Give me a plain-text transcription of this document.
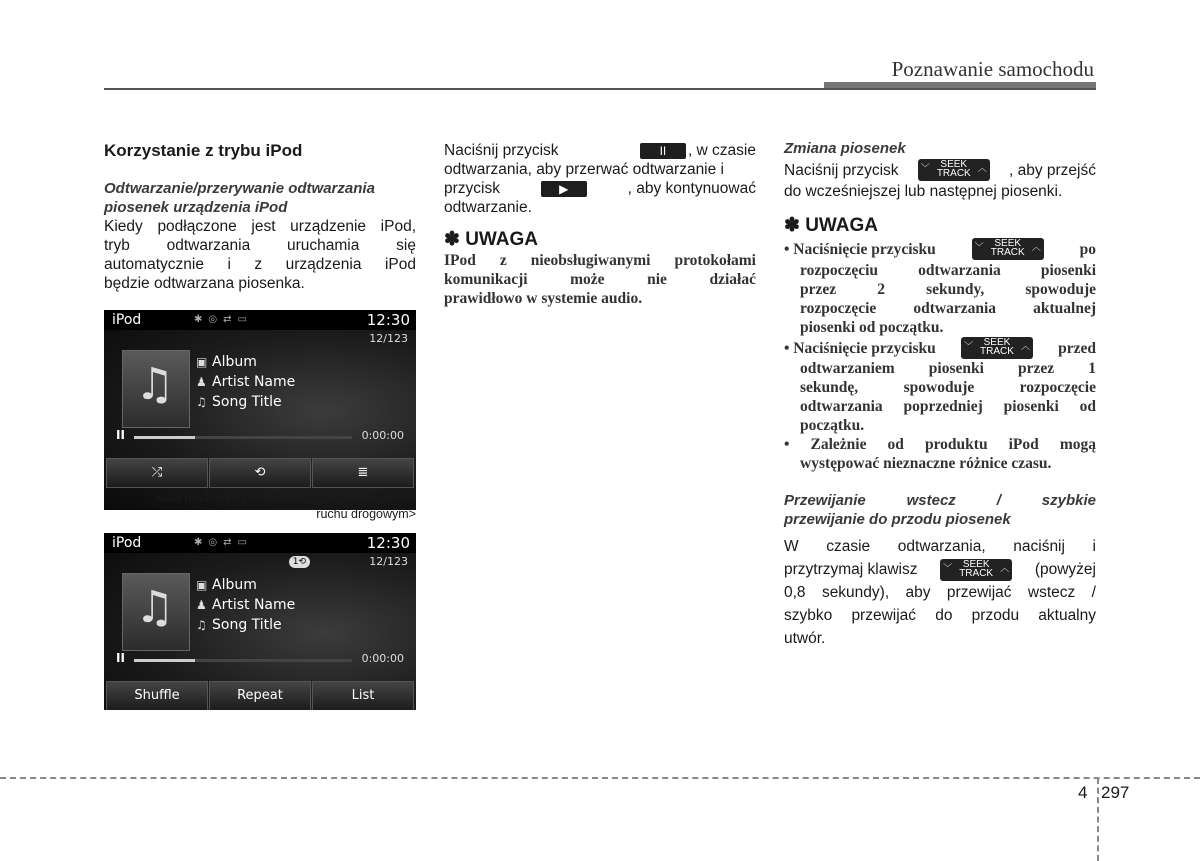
Poznawanie samochodu

Korzystanie z trybu iPod

Odtwarzanie/przerywanie odtwarzania

piosenek urządzenia iPod

Kiedy podłączone jest urządzenie iPod,

tryb odtwarzania uruchamia się

automatycznie i z urządzenia iPod

będzie odtwarzana piosenka.

iPod	✱◎⇄▭	12:30
12/123
♫ ▣ Album
♟ Artist Name
♫ Song Title
II	0:00:00
⤮	⟲	≣
<dla modeli z systemem RDS - komunikatów o
ruchu drogowym>
iPod	✱◎⇄▭	12:30
1⟲	12/123
♫ ▣ Album
♟ Artist Name
♫ Song Title
II	0:00:00
Shuffle	Repeat	List

Naciśnij przycisk	II	, w czasie

odtwarzania, aby przerwać odtwarzanie i

przycisk	▶	, aby kontynuować

odtwarzanie.

✽ UWAGA

IPod z nieobsługiwanymi protokołami

komunikacji może nie działać

prawidłowo w systemie audio.

Zmiana piosenek

Naciśnij przycisk ﹀	SEEK
TRACK ︿ , aby przejść

do wcześniejszej lub następnej piosenki.

✽ UWAGA

• Naciśnięcie przycisku	﹀	SEEK
TRACK ︿	po

rozpoczęciu odtwarzania piosenki

przez 2 sekundy, spowoduje

rozpoczęcie odtwarzania aktualnej

piosenki od początku.

• Naciśnięcie przycisku	﹀	SEEK
TRACK ︿ przed

odtwarzaniem piosenki przez 1

sekundę, spowoduje rozpoczęcie

odtwarzania poprzedniej piosenki od

początku.

• Zależnie od produktu iPod mogą

występować nieznaczne różnice czasu.

Przewijanie wstecz / szybkie

przewijanie do przodu piosenek

W czasie odtwarzania, naciśnij i

przytrzymaj klawisz	﹀	SEEK
TRACK ︿ (powyżej

0,8 sekundy), aby przewijać wstecz /

szybko przewijać do przodu aktualny

utwór.

4 297
